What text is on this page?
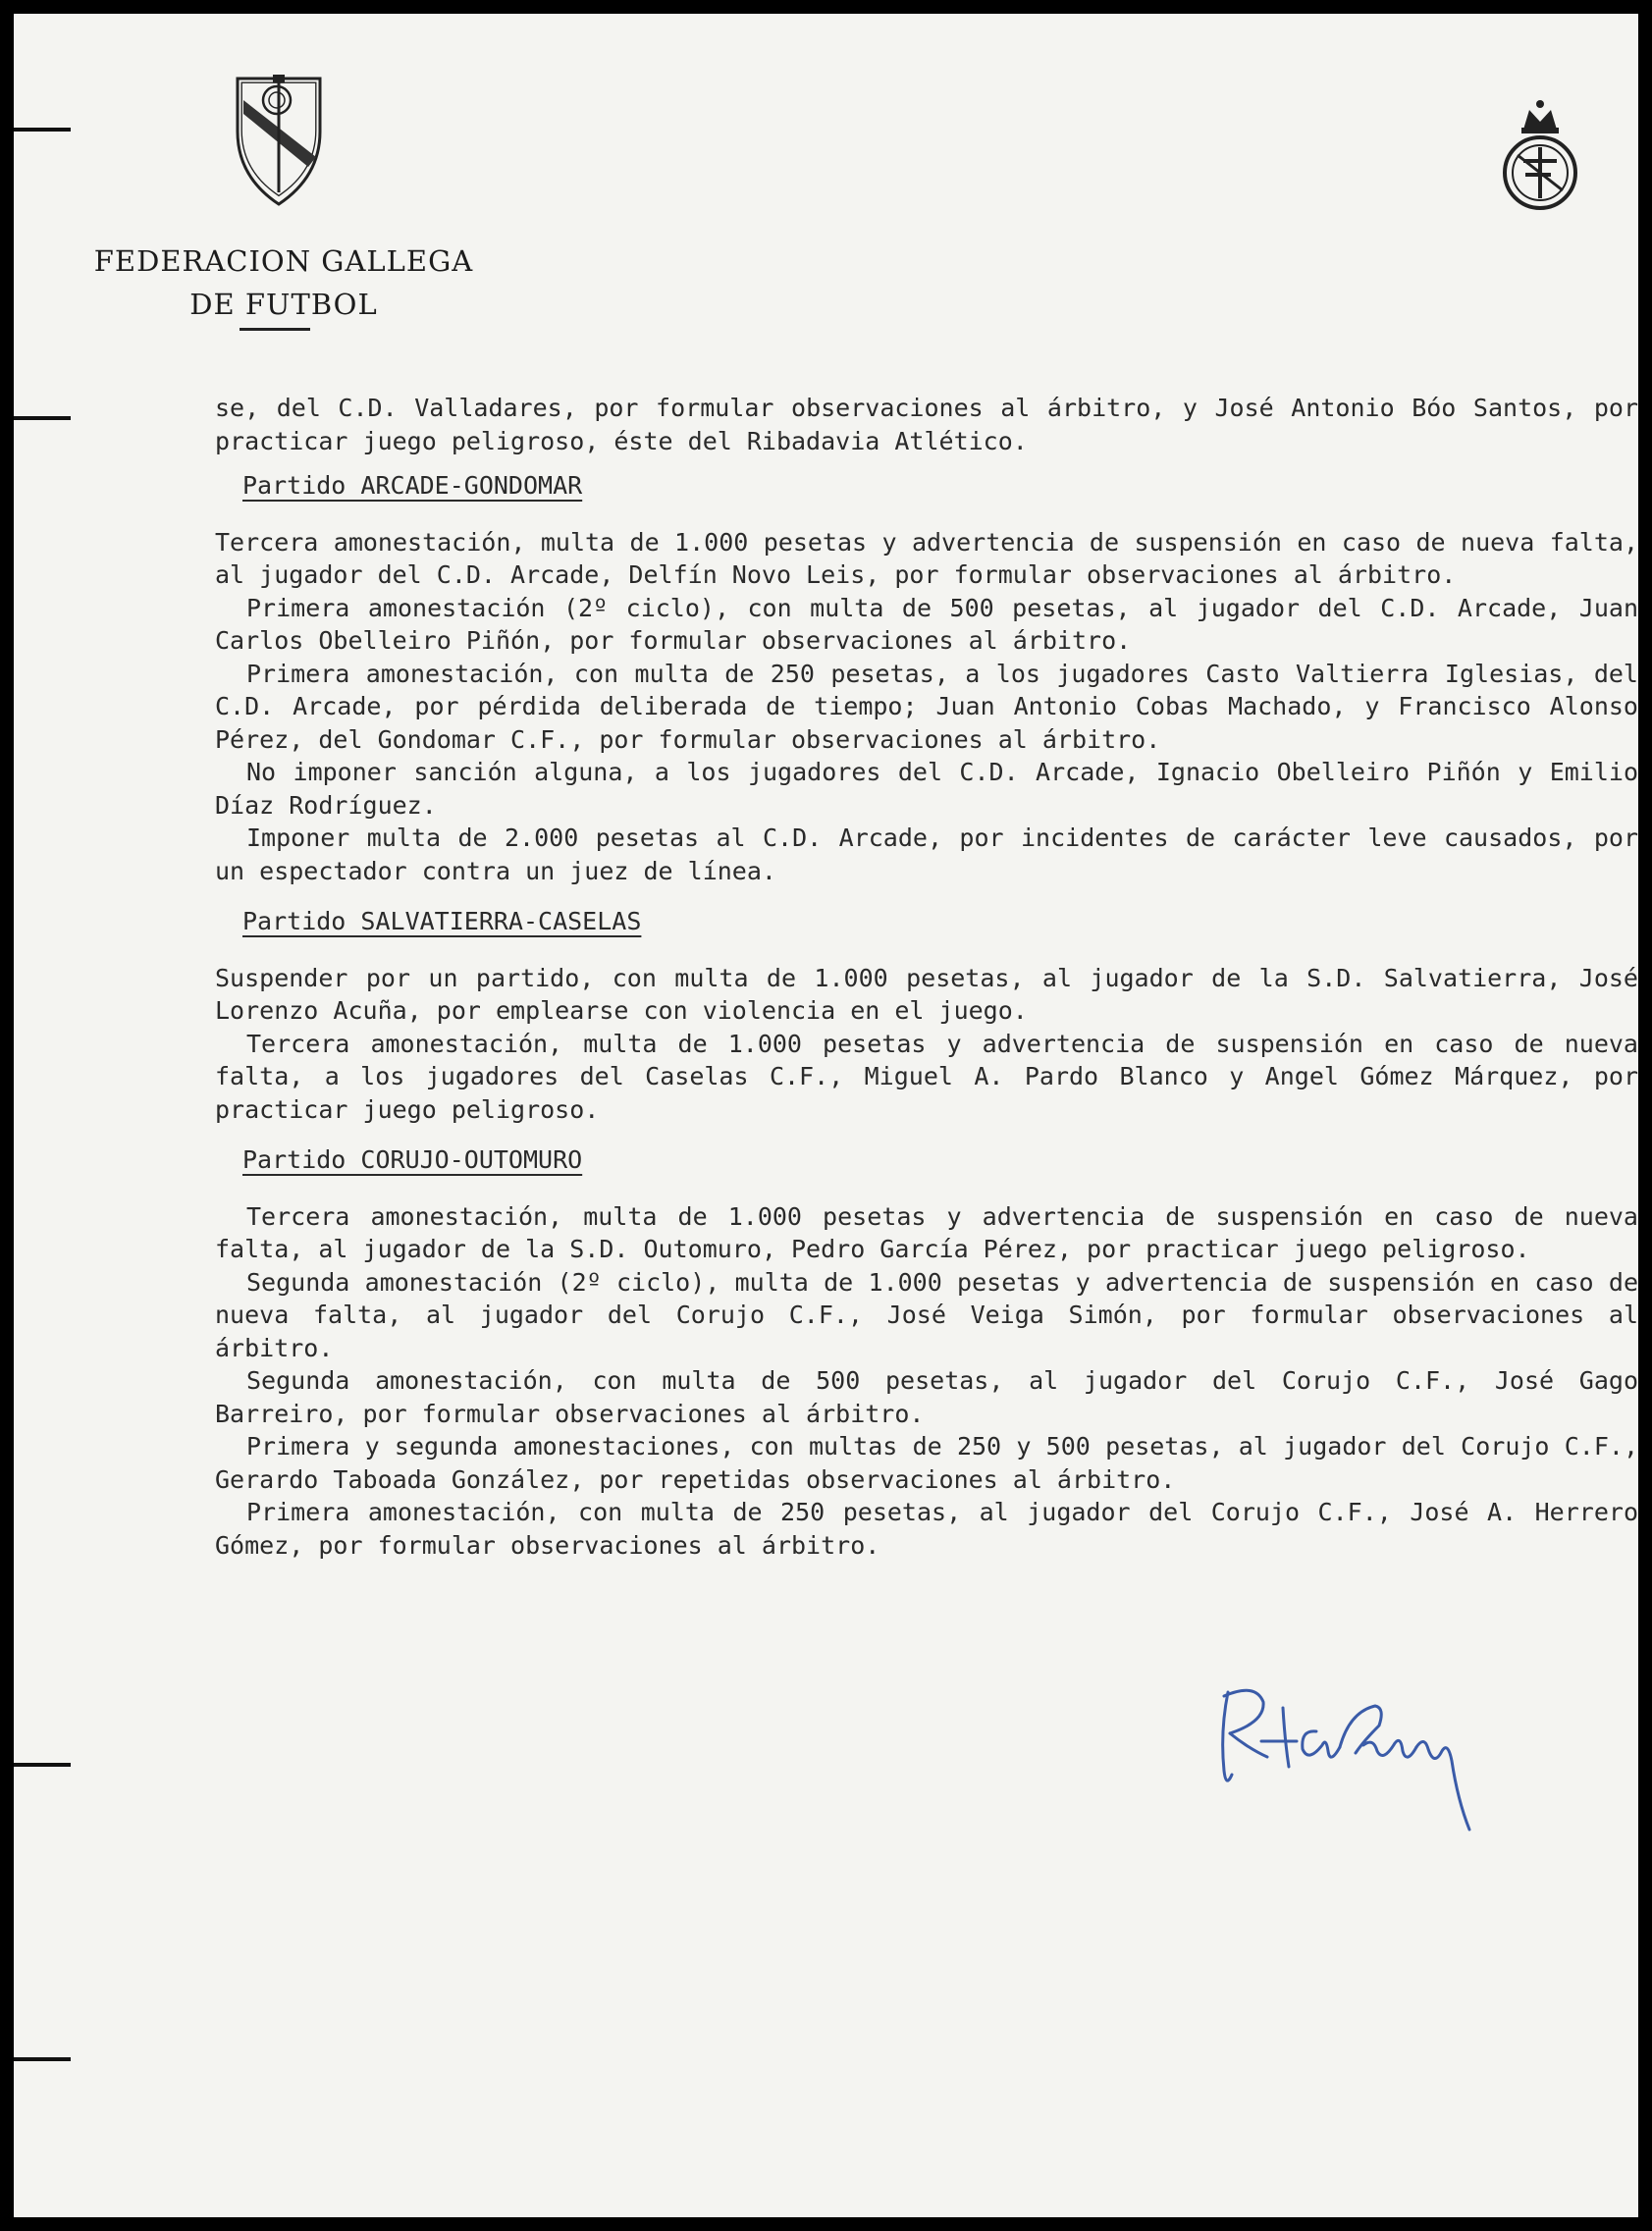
FEDERACION GALLEGA
DE FUTBOL

se, del C.D. Valladares, por formular observaciones al árbitro, y José Antonio Bóo Santos, por practicar juego peligroso, éste del Ribadavia Atlético.

Partido ARCADE-GONDOMAR

Tercera amonestación, multa de 1.000 pesetas y advertencia de suspensión en caso de nueva falta, al jugador del C.D. Arcade, Delfín Novo Leis, por formular observaciones al árbitro.

Primera amonestación (2º ciclo), con multa de 500 pesetas, al jugador del C.D. Arcade, Juan Carlos Obelleiro Piñón, por formular observaciones al árbitro.

Primera amonestación, con multa de 250 pesetas, a los jugadores Casto Valtierra Iglesias, del C.D. Arcade, por pérdida deliberada de tiempo; Juan Antonio Cobas Machado, y Francisco Alonso Pérez, del Gondomar C.F., por formular observaciones al árbitro.

No imponer sanción alguna, a los jugadores del C.D. Arcade, Ignacio Obelleiro Piñón y Emilio Díaz Rodríguez.

Imponer multa de 2.000 pesetas al C.D. Arcade, por incidentes de carácter leve causados, por un espectador contra un juez de línea.

Partido SALVATIERRA-CASELAS

Suspender por un partido, con multa de 1.000 pesetas, al jugador de la S.D. Salvatierra, José Lorenzo Acuña, por emplearse con violencia en el juego.

Tercera amonestación, multa de 1.000 pesetas y advertencia de suspensión en caso de nueva falta, a los jugadores del Caselas C.F., Miguel A. Pardo Blanco y Angel Gómez Márquez, por practicar juego peligroso.

Partido CORUJO-OUTOMURO

Tercera amonestación, multa de 1.000 pesetas y advertencia de suspensión en caso de nueva falta, al jugador de la S.D. Outomuro, Pedro García Pérez, por practicar juego peligroso.

Segunda amonestación (2º ciclo), multa de 1.000 pesetas y advertencia de suspensión en caso de nueva falta, al jugador del Corujo C.F., José Veiga Simón, por formular observaciones al árbitro.

Segunda amonestación, con multa de 500 pesetas, al jugador del Corujo C.F., José Gago Barreiro, por formular observaciones al árbitro.

Primera y segunda amonestaciones, con multas de 250 y 500 pesetas, al jugador del Corujo C.F., Gerardo Taboada González, por repetidas observaciones al árbitro.

Primera amonestación, con multa de 250 pesetas, al jugador del Corujo C.F., José A. Herrero Gómez, por formular observaciones al árbitro.
